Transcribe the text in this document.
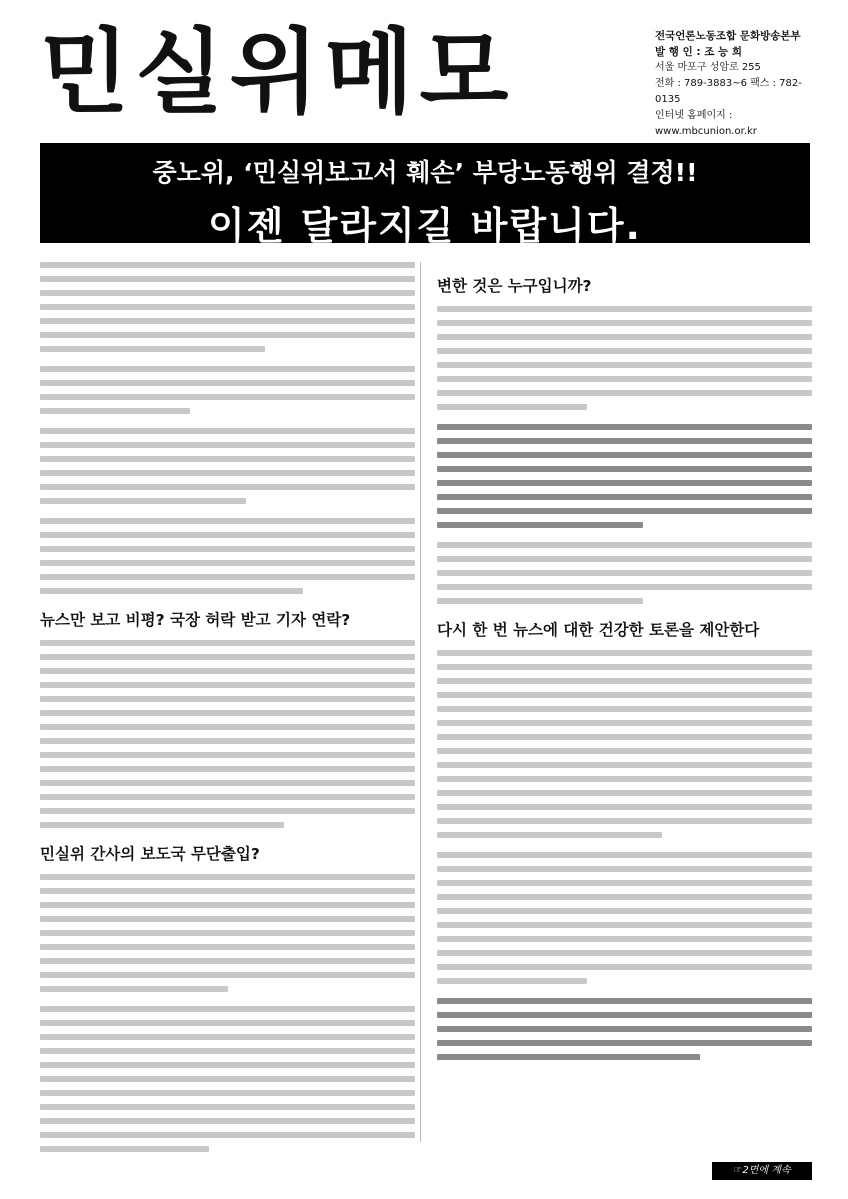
민실위메모	전국언론노동조합 문화방송본부
발 행 인 : 조 능 희
서울 마포구 성암로 255
전화 : 789-3883~6 팩스 : 782-0135
인터넷 홈페이지 : www.mbcunion.or.kr
중노위, ‘민실위보고서 훼손’ 부당노동행위 결정!!
이젠 달라지길 바랍니다.
뉴스만 보고 비평? 국장 허락 받고 기자 연락?
민실위 간사의 보도국 무단출입?
변한 것은 누구입니까?
다시 한 번 뉴스에 대한 건강한 토론을 제안한다
☞2면에 계속
